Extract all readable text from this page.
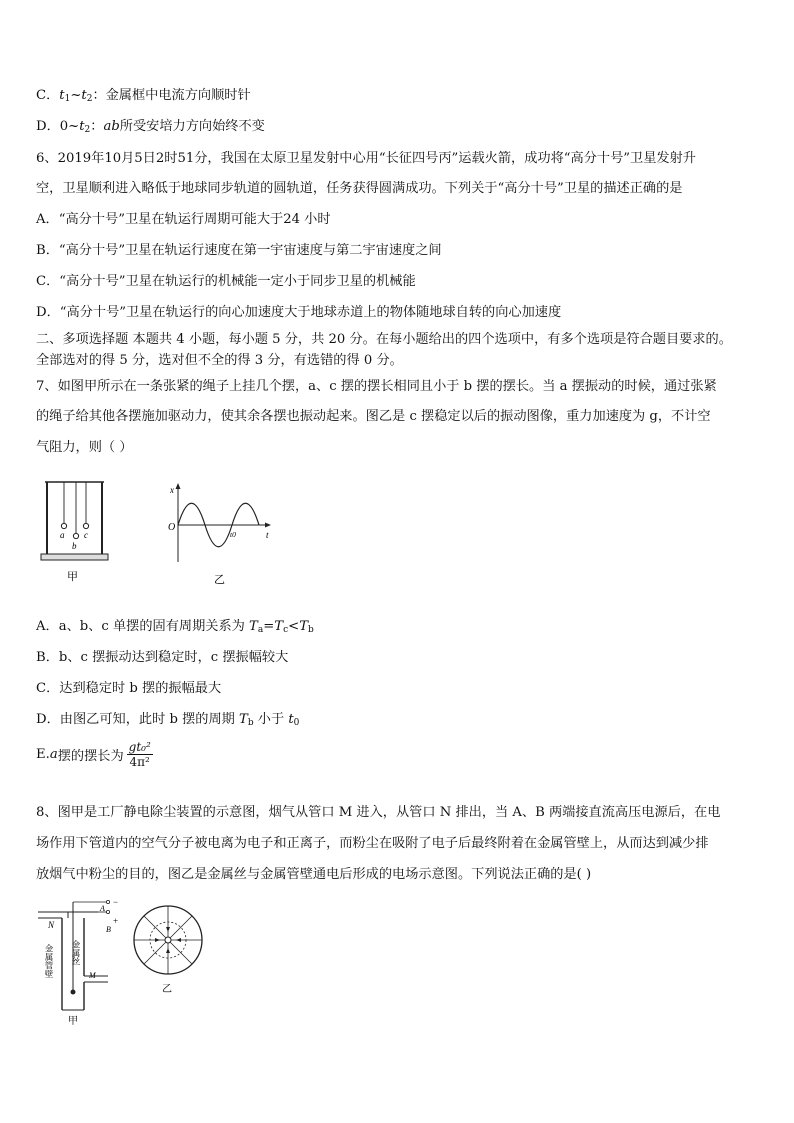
C．$t_1\sim t_2$：金属框中电流方向顺时针
D．$0\sim t_2$：ab所受安培力方向始终不变
6、2019年10月5日2时51分，我国在太原卫星发射中心用“长征四号丙”运载火箭，成功将“高分十号”卫星发射升
空，卫星顺利进入略低于地球同步轨道的圆轨道，任务获得圆满成功。下列关于“高分十号”卫星的描述正确的是
A．“高分十号”卫星在轨运行周期可能大于24 小时
B．“高分十号”卫星在轨运行速度在第一宇宙速度与第二宇宙速度之间
C．“高分十号”卫星在轨运行的机械能一定小于同步卫星的机械能
D．“高分十号”卫星在轨运行的向心加速度大于地球赤道上的物体随地球自转的向心加速度
二、多项选择题 本题共 4 小题，每小题 5 分，共 20 分。在每小题给出的四个选项中，有多个选项是符合题目要求的。
全部选对的得 5 分，选对但不全的得 3 分，有选错的得 0 分。
7、如图甲所示在一条张紧的绳子上挂几个摆，a、c 摆的摆长相同且小于 b 摆的摆长。当 a 摆振动的时候，通过张紧
的绳子给其他各摆施加驱动力，使其余各摆也振动起来。图乙是 c 摆稳定以后的振动图像，重力加速度为 g，不计空
气阻力，则（ ）
a
b
c
甲
x
O
t0	t
乙
A．a、b、c 单摆的固有周期关系为 $T_a=T_c<T_b$
B．b、c 摆振动达到稳定时，c 摆振幅较大
C．达到稳定时 b 摆的振幅最大
D．由图乙可知，此时 b 摆的周期 $T_b$ 小于 $t_0$
E. a 摆的摆长为
gt₀²
4π²
8、图甲是工厂静电除尘装置的示意图，烟气从管口 M 进入，从管口 N 排出，当 A、B 两端接直流高压电源后，在电
场作用下管道内的空气分子被电离为电子和正离子，而粉尘在吸附了电子后最终附着在金属管壁上，从而达到减少排
放烟气中粉尘的目的，图乙是金属丝与金属管壁通电后形成的电场示意图。下列说法正确的是( )
N
A
−
B
+
M
金属丝
金属管壁
甲
乙
